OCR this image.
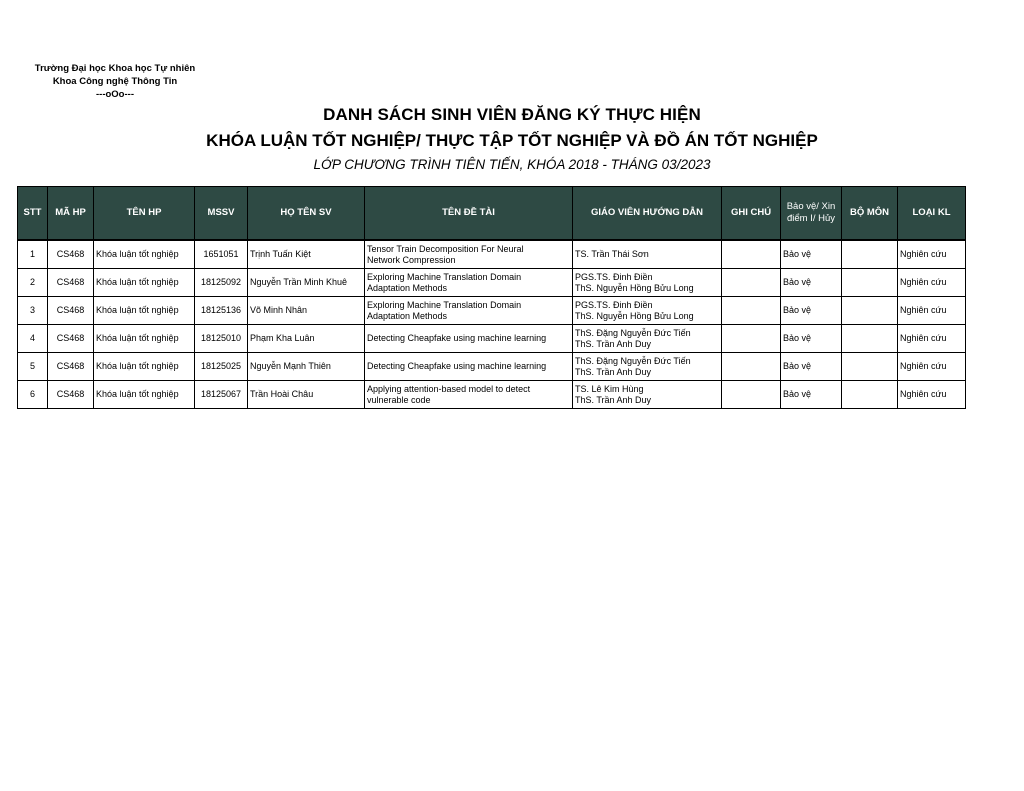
Trường Đại học Khoa học Tự nhiên
Khoa Công nghệ Thông Tin
---oOo---
DANH SÁCH SINH VIÊN ĐĂNG KÝ THỰC HIỆN
KHÓA LUẬN TỐT NGHIỆP/ THỰC TẬP TỐT NGHIỆP VÀ ĐỒ ÁN TỐT NGHIỆP
LỚP CHƯƠNG TRÌNH TIÊN TIẾN, KHÓA 2018 - THÁNG 03/2023
STT	MÃ HP	TÊN HP	MSSV	HỌ TÊN SV	TÊN ĐỀ TÀI	GIÁO VIÊN HƯỚNG DẪN	GHI CHÚ	Bảo vệ/ Xin điểm I/ Hủy	BỘ MÔN	LOẠI KL
1	CS468	Khóa luận tốt nghiệp	1651051	Trịnh Tuấn Kiệt	Tensor Train Decomposition For Neural
Network Compression	TS. Trần Thái Sơn		Bảo vệ		Nghiên cứu
2	CS468	Khóa luận tốt nghiệp	18125092	Nguyễn Trần Minh Khuê	Exploring Machine Translation Domain
Adaptation Methods	PGS.TS. Đinh Điền
ThS. Nguyễn Hồng Bửu Long		Bảo vệ		Nghiên cứu
3	CS468	Khóa luận tốt nghiệp	18125136	Võ Minh Nhân	Exploring Machine Translation Domain
Adaptation Methods	PGS.TS. Đinh Điền
ThS. Nguyễn Hồng Bửu Long		Bảo vệ		Nghiên cứu
4	CS468	Khóa luận tốt nghiệp	18125010	Phạm Kha Luân	Detecting Cheapfake using machine learning	ThS. Đặng Nguyễn Đức Tiến
ThS. Trần Anh Duy		Bảo vệ		Nghiên cứu
5	CS468	Khóa luận tốt nghiệp	18125025	Nguyễn Mạnh Thiên	Detecting Cheapfake using machine learning	ThS. Đặng Nguyễn Đức Tiến
ThS. Trần Anh Duy		Bảo vệ		Nghiên cứu
6	CS468	Khóa luận tốt nghiệp	18125067	Trần Hoài Châu	Applying attention-based model to detect
vulnerable code	TS. Lê Kim Hùng
ThS. Trần Anh Duy		Bảo vệ		Nghiên cứu
